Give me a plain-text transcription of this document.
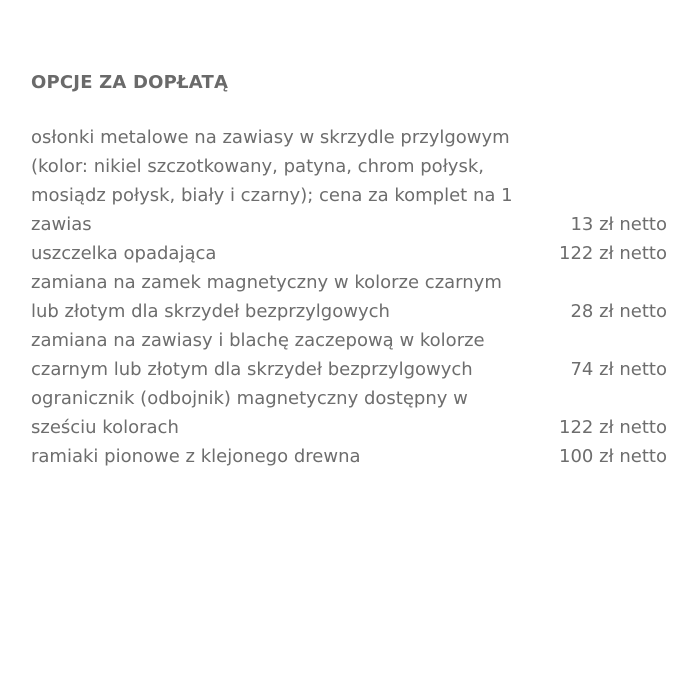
OPCJE ZA DOPŁATĄ
osłonki metalowe na zawiasy w skrzydle przylgowym (kolor: nikiel szczotkowany, patyna, chrom połysk, mosiądz połysk, biały i czarny); cena za komplet na 1 zawias	13 zł netto
uszczelka opadająca	122 zł netto
zamiana na zamek magnetyczny w kolorze czarnym lub złotym dla skrzydeł bezprzylgowych	28 zł netto
zamiana na zawiasy i blachę zaczepową w kolorze czarnym lub złotym dla skrzydeł bezprzylgowych	74 zł netto
ogranicznik (odbojnik) magnetyczny dostępny w sześciu kolorach	122 zł netto
ramiaki pionowe z klejonego drewna	100 zł netto
